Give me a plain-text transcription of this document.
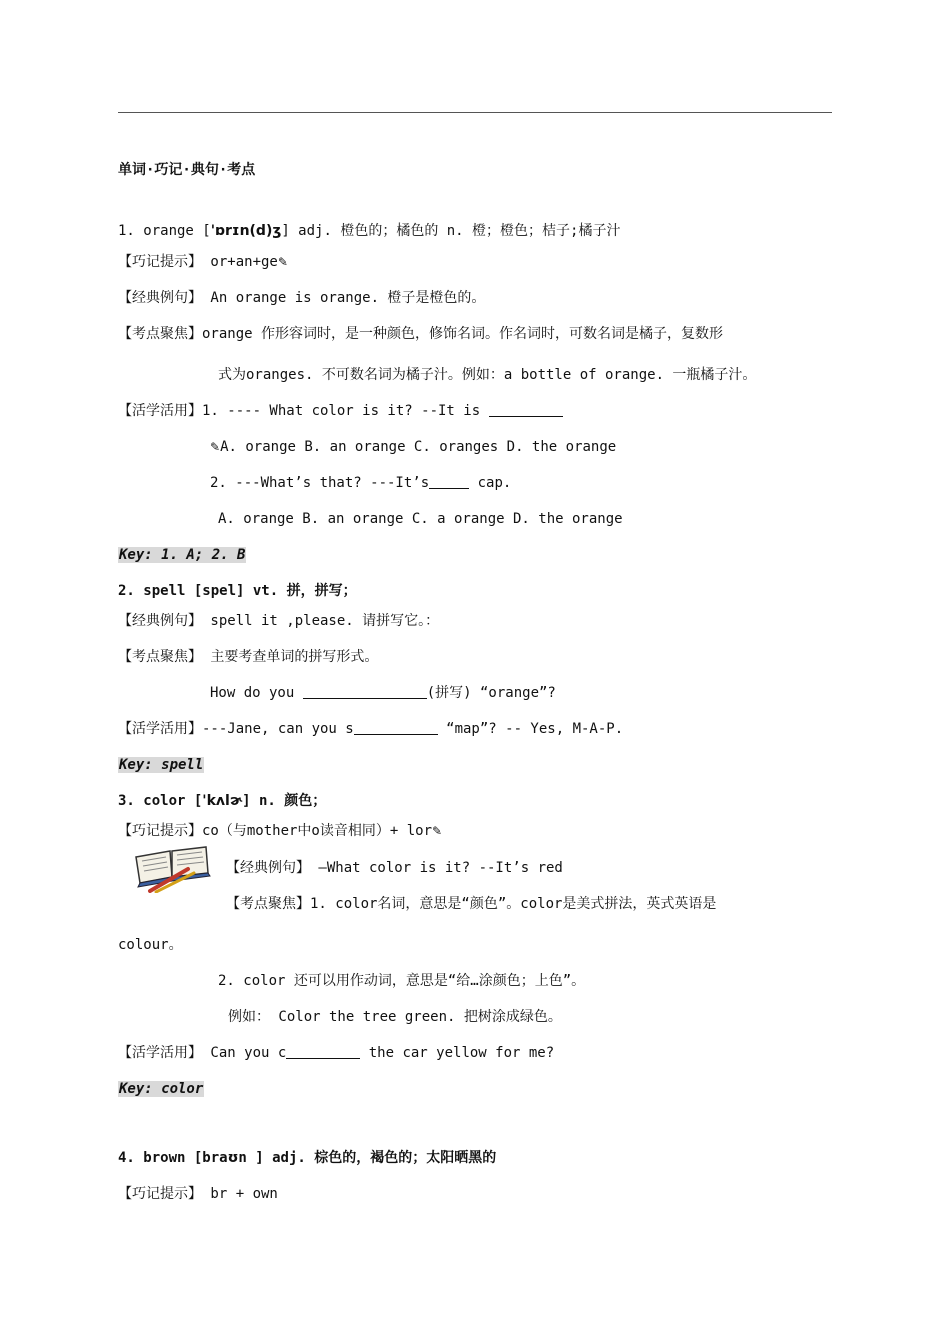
单词·巧记·典句·考点
1. orange ['ɒrɪn(d)ʒ] adj. 橙色的；橘色的 n. 橙；橙色；桔子;橘子汁
【巧记提示】 or+an+ge✎
【经典例句】 An orange is orange. 橙子是橙色的。
【考点聚焦】orange 作形容词时，是一种颜色，修饰名词。作名词时，可数名词是橘子，复数形
式为oranges. 不可数名词为橘子汁。例如：a bottle of orange. 一瓶橘子汁。
【活学活用】1. ---- What color is it? --It is
✎A. orange B. an orange C. oranges D. the orange
2. ---What’s that? ---It’s	cap.
A. orange B. an orange C. a orange D. the orange
Key: 1. A; 2. B
2. spell [spel] vt. 拼，拼写；
【经典例句】 spell it ,please. 请拼写它。：
【考点聚焦】 主要考查单词的拼写形式。
How do you	(拼写) “orange”?
【活学活用】---Jane, can you s	“map”? -- Yes, M-A-P.
Key: spell
3. color ['kʌlɚ] n. 颜色；
【巧记提示】co（与mother中o读音相同）+ lor✎
【经典例句】 —What color is it? --It’s red
【考点聚焦】1. color名词，意思是“颜色”。color是美式拼法，英式英语是
colour。
2. color 还可以用作动词，意思是“给…涂颜色；上色”。
例如： Color the tree green. 把树涂成绿色。
【活学活用】 Can you c	the car yellow for me?
Key: color
4. brown [braʊn ] adj. 棕色的，褐色的；太阳晒黑的
【巧记提示】 br + own
